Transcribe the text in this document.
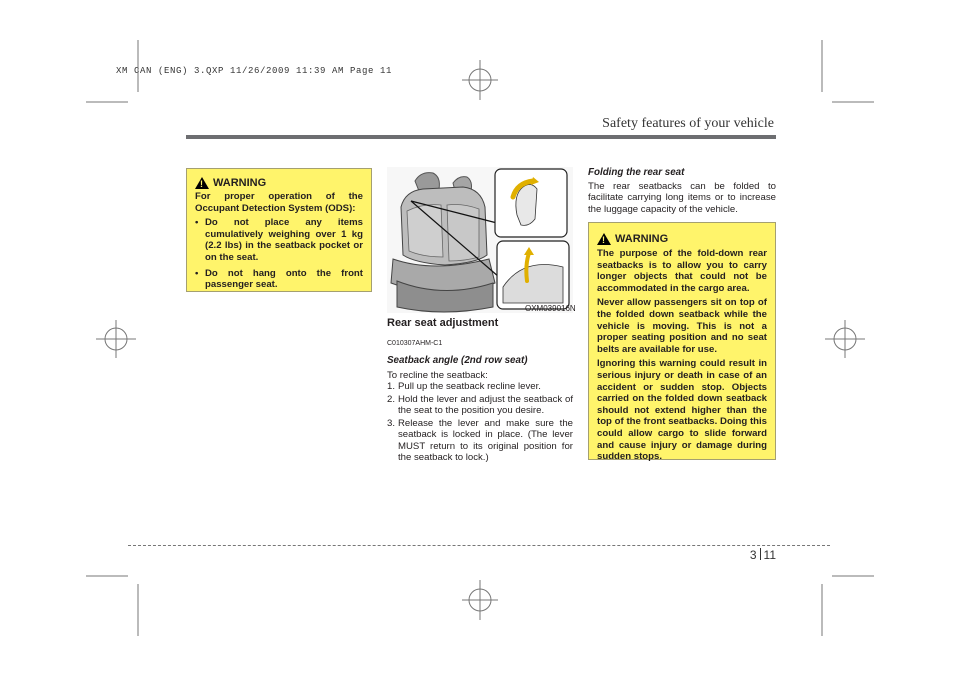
XM CAN (ENG) 3.QXP 11/26/2009 11:39 AM Page 11
Safety features of your vehicle
! WARNING

For proper operation of the Occupant Detection System (ODS):

• Do not place any items cumulatively weighing over 1 kg (2.2 lbs) in the seatback pocket or on the seat.
• Do not hang onto the front passenger seat.
OXM039016N
Rear seat adjustment
C010307AHM-C1
Seatback angle (2nd row seat)
To recline the seatback:
1. Pull up the seatback recline lever.
2. Hold the lever and adjust the seatback of the seat to the position you desire.
3. Release the lever and make sure the seatback is locked in place. (The lever MUST return to its original position for the seatback to lock.)
Folding the rear seat

The rear seatbacks can be folded to facilitate carrying long items or to increase the luggage capacity of the vehicle.

! WARNING

The purpose of the fold-down rear seatbacks is to allow you to carry longer objects that could not be accommodated in the cargo area.

Never allow passengers sit on top of the folded down seatback while the vehicle is moving. This is not a proper seating position and no seat belts are available for use.

Ignoring this warning could result in serious injury or death in case of an accident or sudden stop. Objects carried on the folded down seatback should not extend higher than the top of the front seatbacks. Doing this could allow cargo to slide forward and cause injury or damage during sudden stops.

3 11
